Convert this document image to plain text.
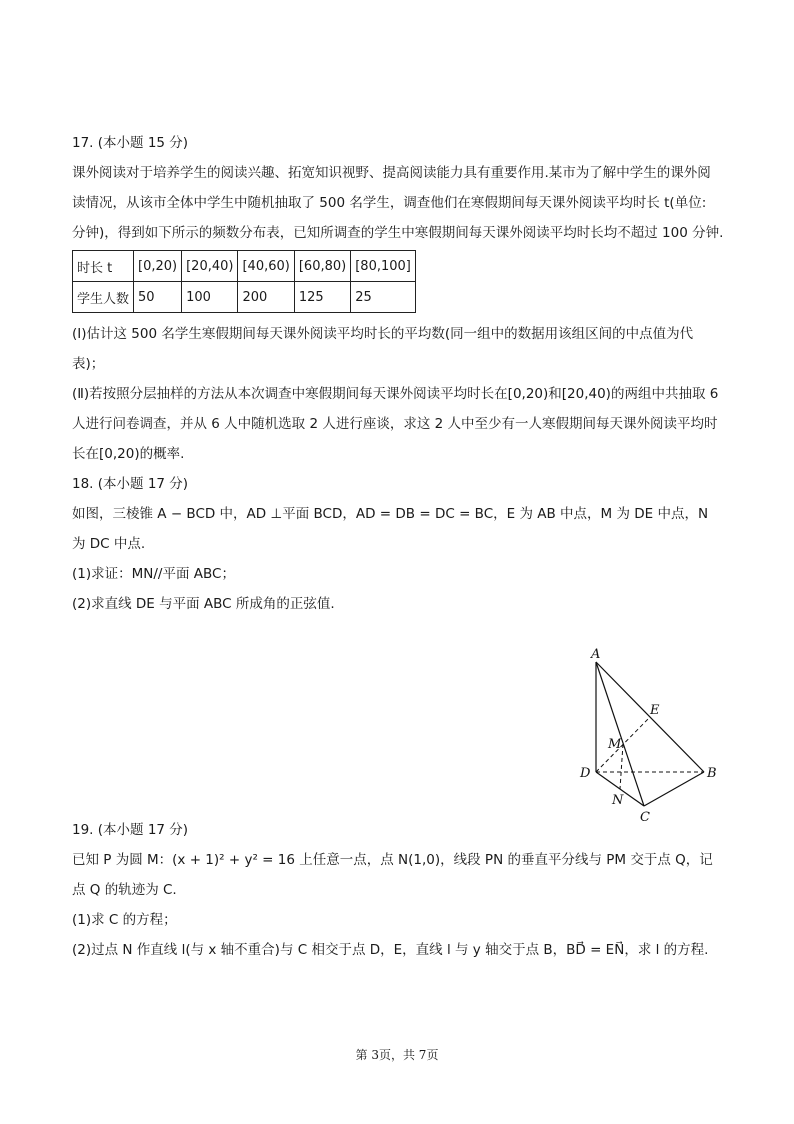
17. (本小题 15 分)

课外阅读对于培养学生的阅读兴趣、拓宽知识视野、提高阅读能力具有重要作用.某市为了解中学生的课外阅读情况，从该市全体中学生中随机抽取了 500 名学生，调查他们在寒假期间每天课外阅读平均时长 t(单位: 分钟)，得到如下所示的频数分布表，已知所调查的学生中寒假期间每天课外阅读平均时长均不超过 100 分钟.

时长 t	[0,20)	[20,40)	[40,60)	[60,80)	[80,100]
学生人数	50	100	200	125	25

(Ⅰ)估计这 500 名学生寒假期间每天课外阅读平均时长的平均数(同一组中的数据用该组区间的中点值为代表)；

(Ⅱ)若按照分层抽样的方法从本次调查中寒假期间每天课外阅读平均时长在[0,20)和[20,40)的两组中共抽取 6 人进行问卷调查，并从 6 人中随机选取 2 人进行座谈，求这 2 人中至少有一人寒假期间每天课外阅读平均时长在[0,20)的概率.

18. (本小题 17 分)

如图，三棱锥 A − BCD 中，AD ⊥平面 BCD，AD = DB = DC = BC，E 为 AB 中点，M 为 DE 中点，N 为 DC 中点.

(1)求证：MN//平面 ABC；

(2)求直线 DE 与平面 ABC 所成角的正弦值.

19. (本小题 17 分)

已知 P 为圆 M：(x + 1)² + y² = 16 上任意一点，点 N(1,0)，线段 PN 的垂直平分线与 PM 交于点 Q，记点 Q 的轨迹为 C.

(1)求 C 的方程；

(2)过点 N 作直线 l(与 x 轴不重合)与 C 相交于点 D，E，直线 l 与 y 轴交于点 B，BD⃗ = EN⃗，求 l 的方程.

A
B
C
D
E
M
N
第 3页，共 7页
